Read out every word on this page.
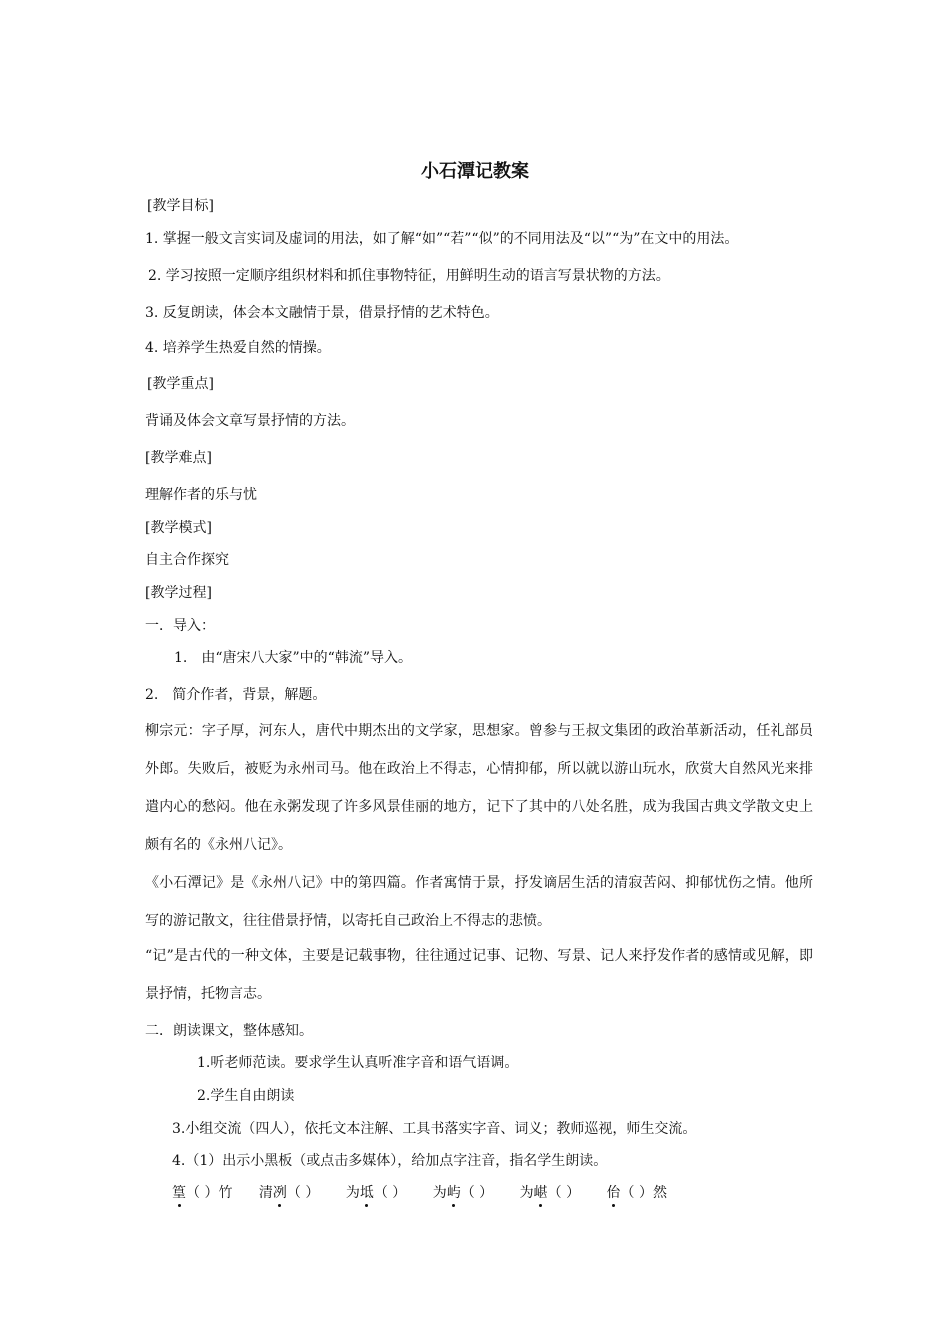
小石潭记教案
[教学目标]
1. 掌握一般文言实词及虚词的用法，如了解“如”“若”“似”的不同用法及“以”“为”在文中的用法。
2. 学习按照一定顺序组织材料和抓住事物特征，用鲜明生动的语言写景状物的方法。
3. 反复朗读，体会本文融情于景，借景抒情的艺术特色。
4. 培养学生热爱自然的情操。
[教学重点]
背诵及体会文章写景抒情的方法。
[教学难点]
理解作者的乐与忧
[教学模式]
自主合作探究
[教学过程]
一．导入：
1.　由“唐宋八大家”中的“韩流”导入。
2.　简介作者，背景，解题。
柳宗元：字子厚，河东人，唐代中期杰出的文学家，思想家。曾参与王叔文集团的政治革新活动，任礼部员外郎。失败后，被贬为永州司马。他在政治上不得志，心情抑郁，所以就以游山玩水，欣赏大自然风光来排遣内心的愁闷。他在永粥发现了许多风景佳丽的地方，记下了其中的八处名胜，成为我国古典文学散文史上颇有名的《永州八记》。
《小石潭记》是《永州八记》中的第四篇。作者寓情于景，抒发谪居生活的清寂苦闷、抑郁忧伤之情。他所写的游记散文，往往借景抒情，以寄托自己政治上不得志的悲愤。
“记”是古代的一种文体，主要是记载事物，往往通过记事、记物、写景、记人来抒发作者的感情或见解，即景抒情，托物言志。
二．朗读课文，整体感知。
1.听老师范读。要求学生认真听准字音和语气语调。
2.学生自由朗读
3.小组交流（四人），依托文本注解、工具书落实字音、词义；教师巡视，师生交流。
4.（1）出示小黑板（或点击多媒体），给加点字注音，指名学生朗读。
篁（ ）竹 清冽（ ） 为坻（ ） 为屿（ ） 为嵁（ ） 佁（ ）然
